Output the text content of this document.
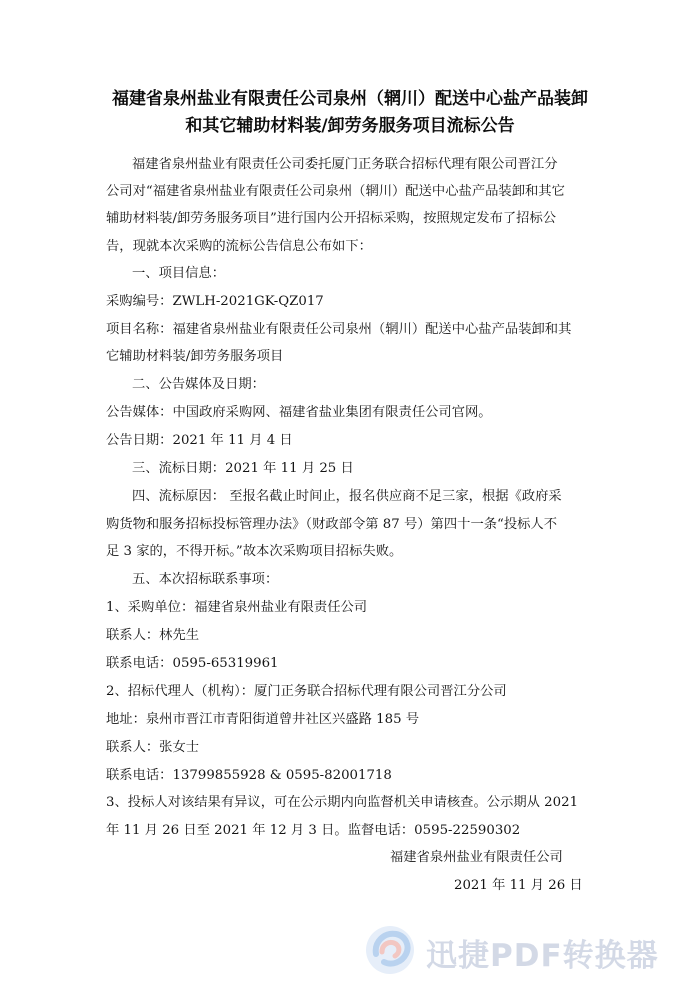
福建省泉州盐业有限责任公司泉州（辋川）配送中心盐产品装卸
和其它辅助材料装/卸劳务服务项目流标公告
福建省泉州盐业有限责任公司委托厦门正务联合招标代理有限公司晋江分
公司对“福建省泉州盐业有限责任公司泉州（辋川）配送中心盐产品装卸和其它
辅助材料装/卸劳务服务项目”进行国内公开招标采购，按照规定发布了招标公
告，现就本次采购的流标公告信息公布如下：
一、项目信息：
采购编号：ZWLH-2021GK-QZ017
项目名称：福建省泉州盐业有限责任公司泉州（辋川）配送中心盐产品装卸和其
它辅助材料装/卸劳务服务项目
二、公告媒体及日期：
公告媒体：中国政府采购网、福建省盐业集团有限责任公司官网。
公告日期：2021 年 11 月 4 日
三、流标日期：2021 年 11 月 25 日
四、流标原因： 至报名截止时间止，报名供应商不足三家，根据《政府采
购货物和服务招标投标管理办法》（财政部令第 87 号）第四十一条“投标人不
足 3 家的，不得开标。”故本次采购项目招标失败。
五、本次招标联系事项：
1、采购单位：福建省泉州盐业有限责任公司
联系人：林先生
联系电话：0595-65319961
2、招标代理人（机构）：厦门正务联合招标代理有限公司晋江分公司
地址：泉州市晋江市青阳街道曾井社区兴盛路 185 号
联系人：张女士
联系电话：13799855928 & 0595-82001718
3、投标人对该结果有异议，可在公示期内向监督机关申请核查。公示期从 2021
年 11 月 26 日至 2021 年 12 月 3 日。监督电话：0595-22590302
福建省泉州盐业有限责任公司
2021 年 11 月 26 日
迅捷PDF转换器
